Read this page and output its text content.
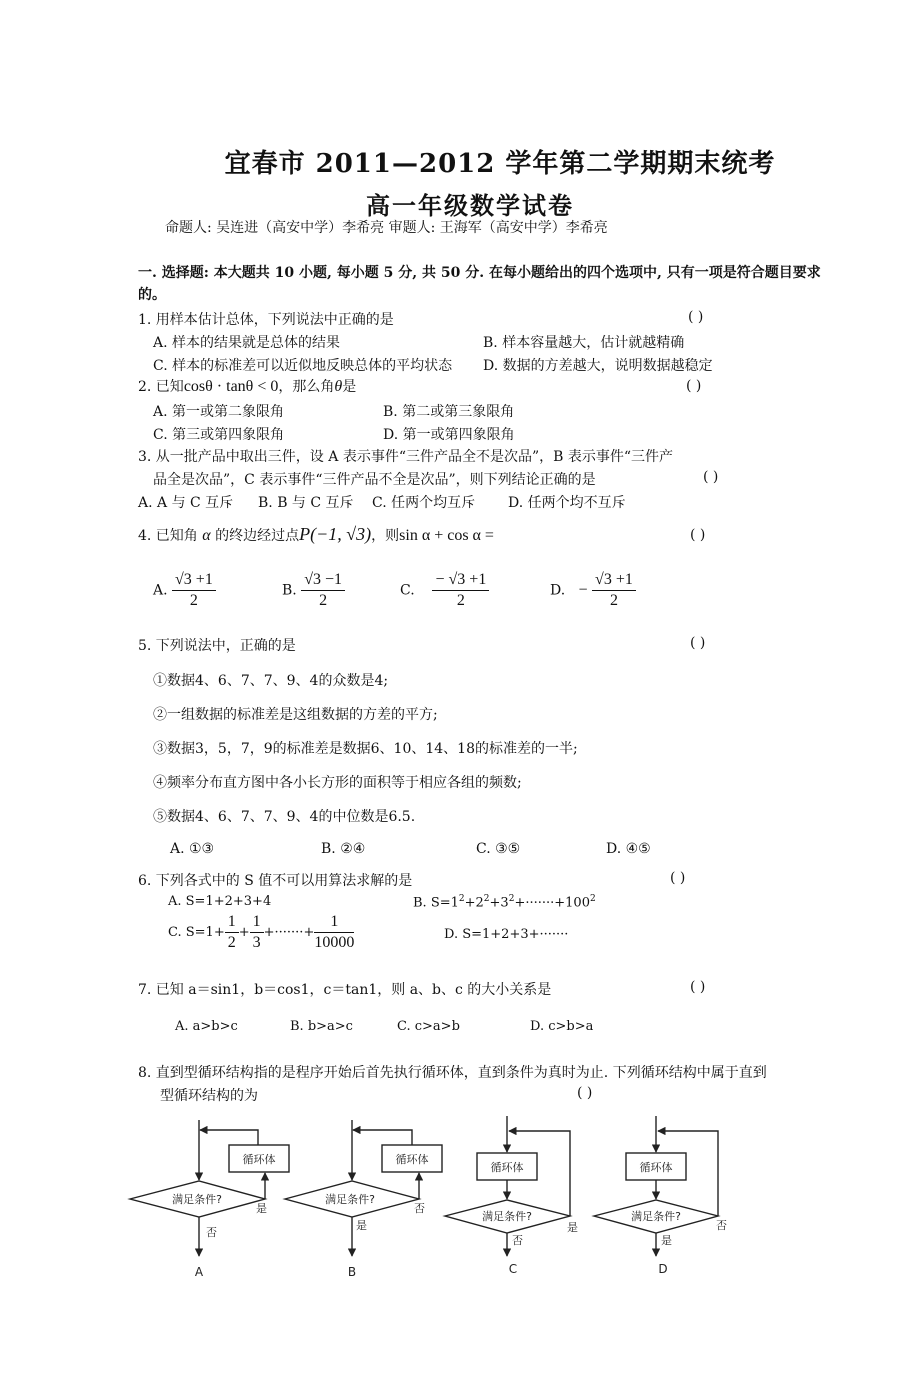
宜春市 2011—2012 学年第二学期期末统考
高一年级数学试卷
命题人: 吴连进（高安中学）李希亮 审题人: 王海军（高安中学）李希亮
一. 选择题: 本大题共 10 小题, 每小题 5 分, 共 50 分. 在每小题给出的四个选项中, 只有一项是符合题目要求的。
1. 用样本估计总体，下列说法中正确的是	( )
A. 样本的结果就是总体的结果	B. 样本容量越大，估计就越精确
C. 样本的标准差可以近似地反映总体的平均状态 D. 数据的方差越大，说明数据越稳定
2. 已知cosθ · tanθ < 0，那么角θ是	( )
A. 第一或第二象限角	B. 第二或第三象限角
C. 第三或第四象限角	D. 第一或第四象限角
3. 从一批产品中取出三件，设 A 表示事件“三件产品全不是次品”，B 表示事件“三件产
品全是次品”，C 表示事件“三件产品不全是次品”，则下列结论正确的是	( )
A. A 与 C 互斥 B. B 与 C 互斥 C. 任两个均互斥 D. 任两个均不互斥
4. 已知角 α 的终边经过点P(−1, √3)，则sin α + cos α =	( )
A. $\frac{√3 +1}{2}$	B. $\frac{√3 -1}{2}$	C. $\frac{- √3 +1}{2}$	D. − $\frac{√3 +1}{2}$
5. 下列说法中，正确的是	( )
①数据4、6、7、7、9、4的众数是4;
②一组数据的标准差是这组数据的方差的平方;
③数据3，5，7，9的标准差是数据6、10、14、18的标准差的一半;
④频率分布直方图中各小长方形的面积等于相应各组的频数;
⑤数据4、6、7、7、9、4的中位数是6.5.
A. ①③	B. ②④	C. ③⑤	D. ④⑤
6. 下列各式中的 S 值不可以用算法求解的是	( )
A. S=1+2+3+4	B. $S=1^2+2^2+3^2+\cdot\cdot\cdot\cdot\cdot\cdot\cdot+100^2$
C. $S=1+ \frac{1}{2} + \frac{1}{3}$ +·······+ $\frac{1}{10000}$	D. S=1+2+3+·······
7. 已知 a＝sin1，b＝cos1，c＝tan1，则 a、b、c 的大小关系是	( )
A. a>b>c	B. b>a>c	C. c>a>b	D. c>b>a
8. 直到型循环结构指的是程序开始后首先执行循环体，直到条件为真时为止. 下列循环结构中属于直到
型循环结构的为	( )
循环体
满足条件?
是
否
A
循环体
满足条件?
否
是
B
循环体
满足条件?
是
否
C
循环体
满足条件?
否
是
D
